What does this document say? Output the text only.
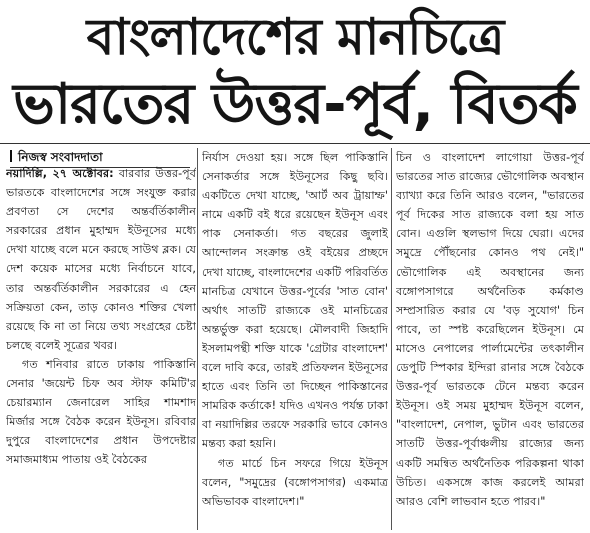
বাংলাদেশের মানচিত্রে
ভারতের উত্তর-পূর্ব, বিতর্ক
নিজস্ব সংবাদদাতা

নয়াদিল্লি, ২৭ অক্টোবর: বারবার উত্তর-পূর্ব ভারতকে বাংলাদেশের সঙ্গে সংযুক্ত করার প্রবণতা সে দেশের অন্তর্বর্তিকালীন সরকারের প্রধান মুহাম্মদ ইউনূসের মধ্যে দেখা যাচ্ছে বলে মনে করছে সাউথ ব্লক। যে দেশ কয়েক মাসের মধ্যে নির্বাচনে যাবে, তার অন্তর্বর্তিকালীন সরকারের এ হেন সক্রিয়তা কেন, তাড় কোনও শক্তির খেলা রয়েছে কি না তা নিয়ে তথ্য সংগ্রহের চেষ্টা চলছে বলেই সূত্রের খবর।

গত শনিবার রাতে ঢাকায় পাকিস্তানি সেনার 'জয়েন্ট চিফ অব স্টাফ কমিটি'র চেয়ারম্যান জেনারেল সাহির শামশাদ মির্জার সঙ্গে বৈঠক করেন ইউনূস। রবিবার দুপুরে বাংলাদেশের প্রধান উপদেষ্টার সমাজমাধ্যম পাতায় ওই বৈঠকের

নির্যাস দেওয়া হয়। সঙ্গে ছিল পাকিস্তানি সেনাকর্তার সঙ্গে ইউনূসের কিছু ছবি। একটিতে দেখা যাচ্ছে, 'আর্ট অব ট্রায়াম্ফ' নামে একটি বই ধরে রয়েছেন ইউনূস এবং পাক সেনাকর্তা। গত বছরের জুলাই আন্দোলন সংক্রান্ত ওই বইয়ের প্রচ্ছদে দেখা যাচ্ছে, বাংলাদেশের একটি পরিবর্তিত মানচিত্র যেখানে উত্তর-পূর্বের 'সাত বোন' অর্থাৎ সাতটি রাজ্যকে ওই মানচিত্রের অন্তর্ভুক্ত করা হয়েছে। মৌলবাদী জিহাদি ইসলামপন্থী শক্তি যাকে 'গ্রেটার বাংলাদেশ' বলে দাবি করে, তারই প্রতিফলন ইউনূসের হাতে এবং তিনি তা দিচ্ছেন পাকিস্তানের সামরিক কর্তাকে! যদিও এখনও পর্যন্ত ঢাকা বা নয়াদিল্লির তরফে সরকারি ভাবে কোনও মন্তব্য করা হয়নি।

গত মার্চে চিন সফরে গিয়ে ইউনূস বলেন, "সমুদ্রের (বঙ্গোপসাগর) একমাত্র অভিভাবক বাংলাদেশ।"

চিন ও বাংলাদেশ লাগোয়া উত্তর-পূর্ব ভারতের সাত রাজ্যের ভৌগোলিক অবস্থান ব্যাখ্যা করে তিনি আরও বলেন, "ভারতের পূর্ব দিকের সাত রাজ্যকে বলা হয় সাত বোন। এগুলি স্থলভাগ দিয়ে ঘেরা। এদের সমুদ্রে পৌঁছনোর কোনও পথ নেই।" ভৌগোলিক এই অবস্থানের জন্য বঙ্গোপসাগরে অর্থনৈতিক কর্মকাণ্ড সম্প্রসারিত করার যে 'বড় সুযোগ' চিন পাবে, তা স্পষ্ট করেছিলেন ইউনূস। মে মাসেও নেপালের পার্লামেন্টের তৎকালীন ডেপুটি স্পিকার ইন্দিরা রানার সঙ্গে বৈঠকে উত্তর-পূর্ব ভারতকে টেনে মন্তব্য করেন ইউনূস। ওই সময় মুহাম্মদ ইউনূস বলেন, "বাংলাদেশ, নেপাল, ভুটান এবং ভারতের সাতটি উত্তর-পূর্বাঞ্চলীয় রাজ্যের জন্য একটি সমন্বিত অর্থনৈতিক পরিকল্পনা থাকা উচিত। একসঙ্গে কাজ করলেই আমরা আরও বেশি লাভবান হতে পারব।"
